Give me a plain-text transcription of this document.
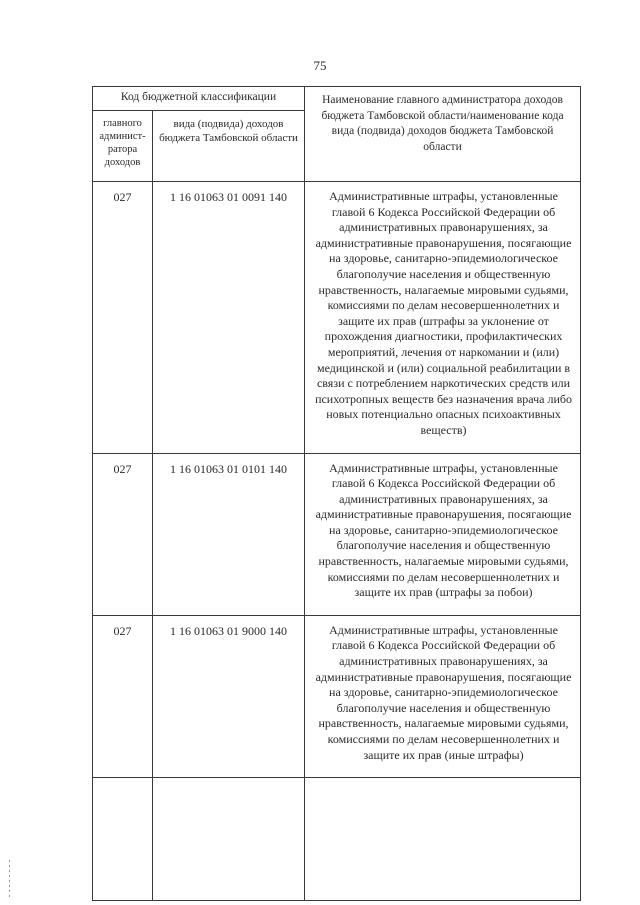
75
Код бюджетной классификации		Наименование главного администратора доходов бюджета Тамбовской области/наименование кода вида (подвида) доходов бюджета Тамбовской области
главного админист-ратора доходов	вида (подвида) доходов бюджета Тамбовской области	
027	1 16 01063 01 0091 140	Административные штрафы, установленные главой 6 Кодекса Российской Федерации об административных правонарушениях, за административные правонарушения, посягающие на здоровье, санитарно-эпидемиологическое благополучие населения и общественную нравственность, налагаемые мировыми судьями, комиссиями по делам несовершеннолетних и защите их прав (штрафы за уклонение от прохождения диагностики, профилактических мероприятий, лечения от наркомании и (или) медицинской и (или) социальной реабилитации в связи с потреблением наркотических средств или психотропных веществ без назначения врача либо новых потенциально опасных психоактивных веществ)
027	1 16 01063 01 0101 140	Административные штрафы, установленные главой 6 Кодекса Российской Федерации об административных правонарушениях, за административные правонарушения, посягающие на здоровье, санитарно-эпидемиологическое благополучие населения и общественную нравственность, налагаемые мировыми судьями, комиссиями по делам несовершеннолетних и защите их прав (штрафы за побои)
027	1 16 01063 01 9000 140	Административные штрафы, установленные главой 6 Кодекса Российской Федерации об административных правонарушениях, за административные правонарушения, посягающие на здоровье, санитарно-эпидемиологическое благополучие населения и общественную нравственность, налагаемые мировыми судьями, комиссиями по делам несовершеннолетних и защите их прав (иные штрафы)
